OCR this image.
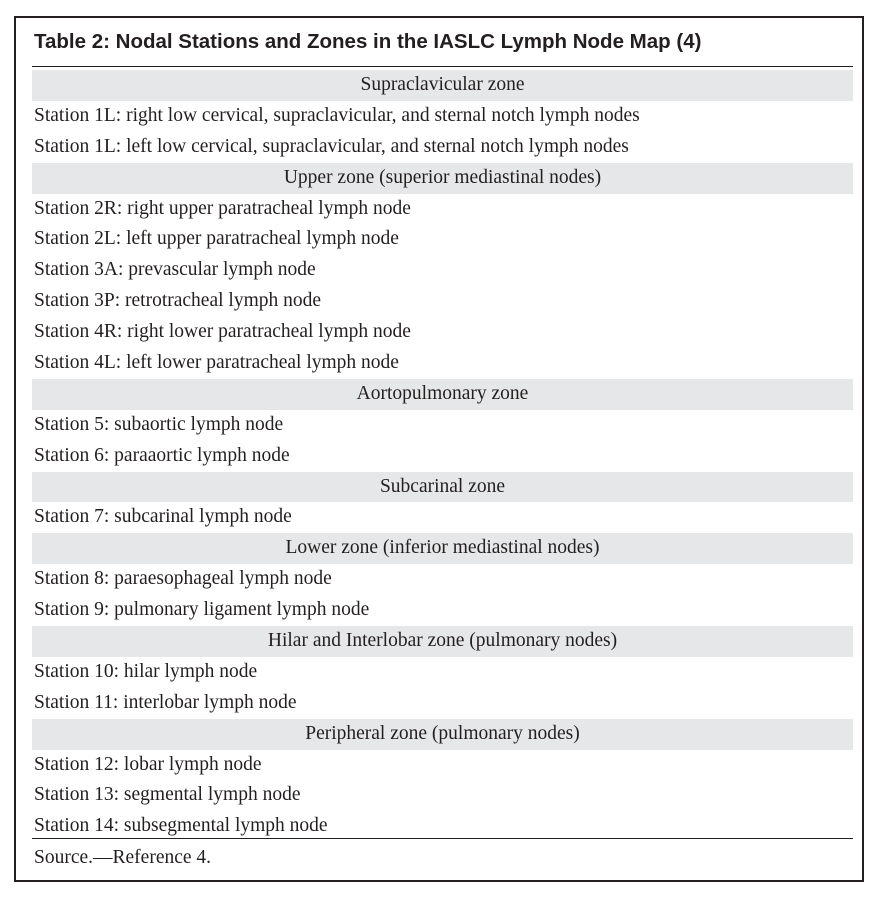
Table 2: Nodal Stations and Zones in the IASLC Lymph Node Map (4)
Supraclavicular zone
Station 1L: right low cervical, supraclavicular, and sternal notch lymph nodes
Station 1L: left low cervical, supraclavicular, and sternal notch lymph nodes
Upper zone (superior mediastinal nodes)
Station 2R: right upper paratracheal lymph node
Station 2L: left upper paratracheal lymph node
Station 3A: prevascular lymph node
Station 3P: retrotracheal lymph node
Station 4R: right lower paratracheal lymph node
Station 4L: left lower paratracheal lymph node
Aortopulmonary zone
Station 5: subaortic lymph node
Station 6: paraaortic lymph node
Subcarinal zone
Station 7: subcarinal lymph node
Lower zone (inferior mediastinal nodes)
Station 8: paraesophageal lymph node
Station 9: pulmonary ligament lymph node
Hilar and Interlobar zone (pulmonary nodes)
Station 10: hilar lymph node
Station 11: interlobar lymph node
Peripheral zone (pulmonary nodes)
Station 12: lobar lymph node
Station 13: segmental lymph node
Station 14: subsegmental lymph node
Source.—Reference 4.
